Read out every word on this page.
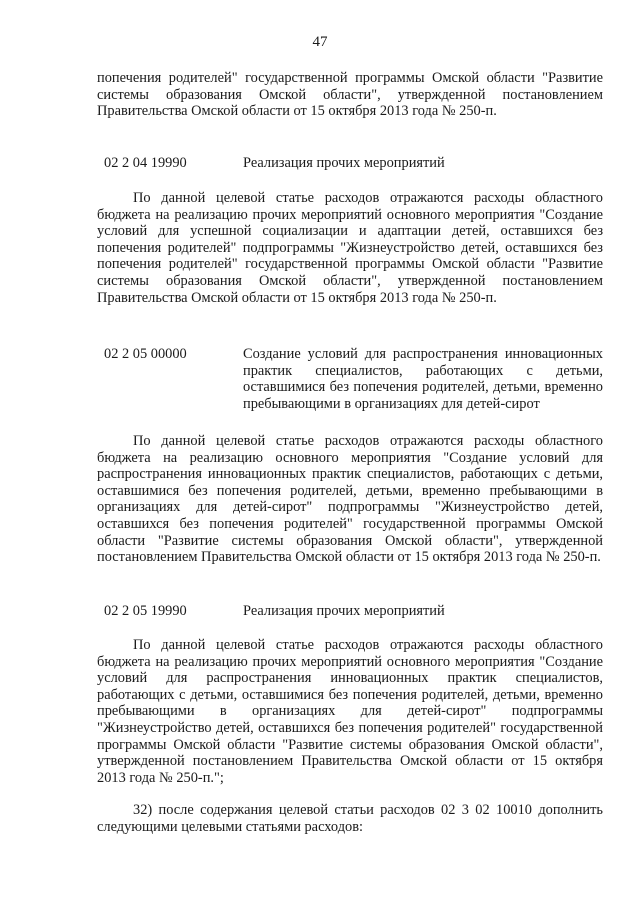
47
попечения родителей" государственной программы Омской области "Развитие системы образования Омской области", утвержденной постановлением Правительства Омской области от 15 октября 2013 года № 250-п.
02 2 04 19990	Реализация прочих мероприятий
По данной целевой статье расходов отражаются расходы областного бюджета на реализацию прочих мероприятий основного мероприятия "Создание условий для успешной социализации и адаптации детей, оставшихся без попечения родителей" подпрограммы "Жизнеустройство детей, оставшихся без попечения родителей" государственной программы Омской области "Развитие системы образования Омской области", утвержденной постановлением Правительства Омской области от 15 октября 2013 года № 250-п.
02 2 05 00000	Создание условий для распространения инновационных практик специалистов, работающих с детьми, оставшимися без попечения родителей, детьми, временно пребывающими в организациях для детей-сирот
По данной целевой статье расходов отражаются расходы областного бюджета на реализацию основного мероприятия "Создание условий для распространения инновационных практик специалистов, работающих с детьми, оставшимися без попечения родителей, детьми, временно пребывающими в организациях для детей-сирот" подпрограммы "Жизнеустройство детей, оставшихся без попечения родителей" государственной программы Омской области "Развитие системы образования Омской области", утвержденной постановлением Правительства Омской области от 15 октября 2013 года № 250-п.
02 2 05 19990	Реализация прочих мероприятий
По данной целевой статье расходов отражаются расходы областного бюджета на реализацию прочих мероприятий основного мероприятия "Создание условий для распространения инновационных практик специалистов, работающих с детьми, оставшимися без попечения родителей, детьми, временно пребывающими в организациях для детей-сирот" подпрограммы "Жизнеустройство детей, оставшихся без попечения родителей" государственной программы Омской области "Развитие системы образования Омской области", утвержденной постановлением Правительства Омской области от 15 октября 2013 года № 250-п.";
32) после содержания целевой статьи расходов 02 3 02 10010 дополнить следующими целевыми статьями расходов:
